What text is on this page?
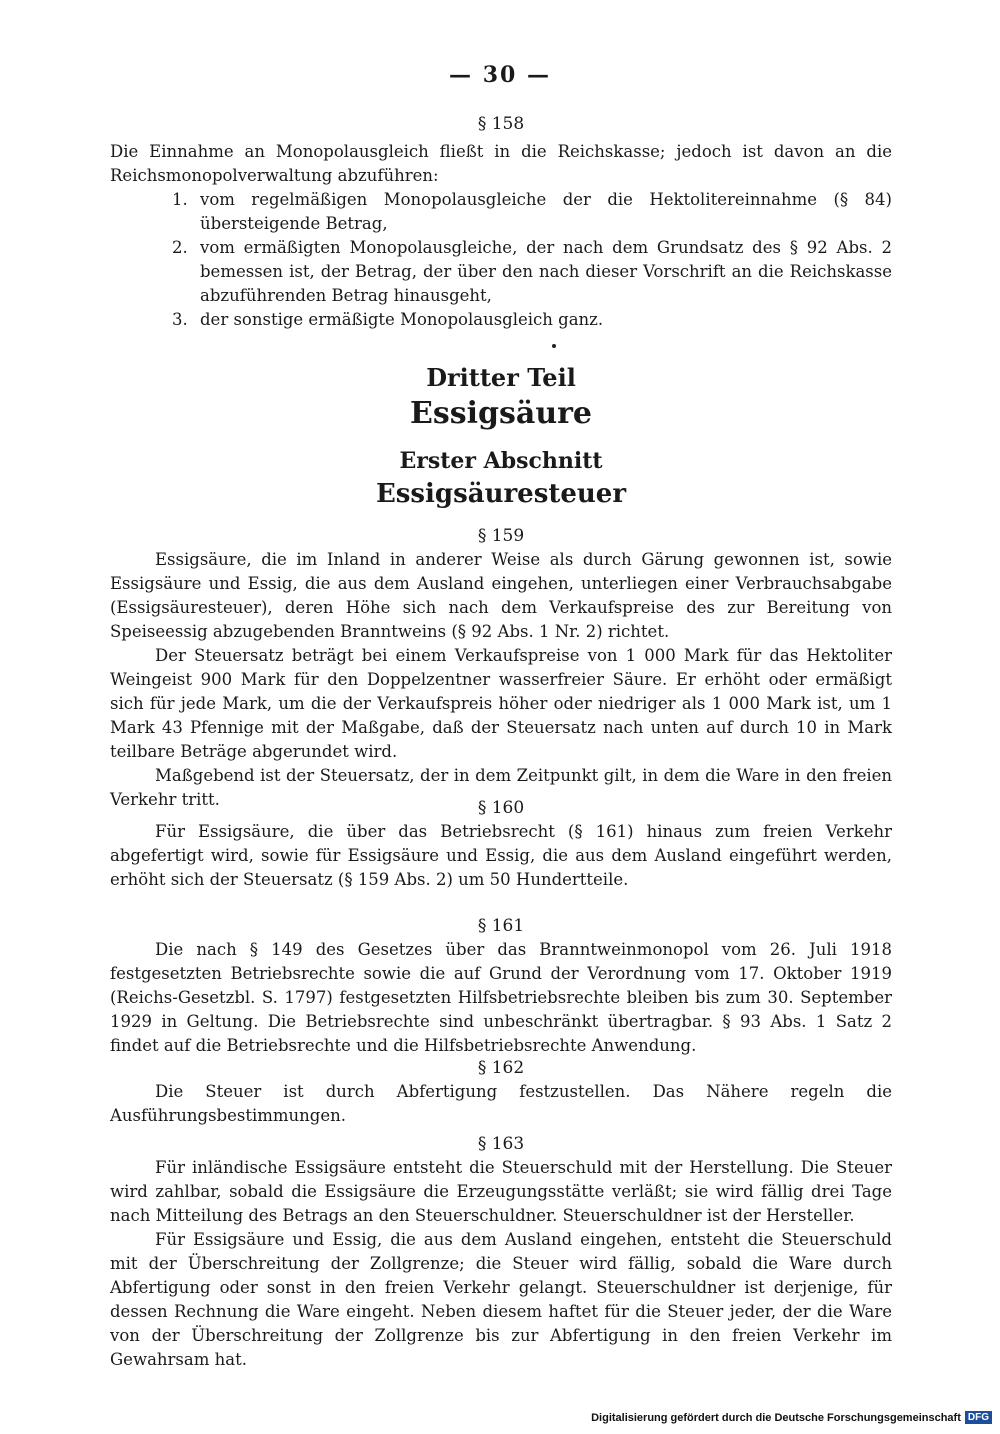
— 30 —

§ 158

Die Einnahme an Monopolausgleich fließt in die Reichskasse; jedoch ist davon an die Reichsmonopolverwaltung abzuführen:

1. vom regelmäßigen Monopolausgleiche der die Hektolitereinnahme (§ 84) übersteigende Betrag,
2. vom ermäßigten Monopolausgleiche, der nach dem Grundsatz des § 92 Abs. 2 bemessen ist, der Betrag, der über den nach dieser Vorschrift an die Reichskasse abzuführenden Betrag hinausgeht,
3. der sonstige ermäßigte Monopolausgleich ganz.

Dritter Teil

Essigsäure

Erster Abschnitt

Essigsäuresteuer

§ 159

Essigsäure, die im Inland in anderer Weise als durch Gärung gewonnen ist, sowie Essigsäure und Essig, die aus dem Ausland eingehen, unterliegen einer Verbrauchsabgabe (Essigsäuresteuer), deren Höhe sich nach dem Verkaufspreise des zur Bereitung von Speiseessig abzugebenden Branntweins (§ 92 Abs. 1 Nr. 2) richtet.

Der Steuersatz beträgt bei einem Verkaufspreise von 1 000 Mark für das Hektoliter Weingeist 900 Mark für den Doppelzentner wasserfreier Säure. Er erhöht oder ermäßigt sich für jede Mark, um die der Verkaufspreis höher oder niedriger als 1 000 Mark ist, um 1 Mark 43 Pfennige mit der Maßgabe, daß der Steuersatz nach unten auf durch 10 in Mark teilbare Beträge abgerundet wird.

Maßgebend ist der Steuersatz, der in dem Zeitpunkt gilt, in dem die Ware in den freien Verkehr tritt.	§ 160

Für Essigsäure, die über das Betriebsrecht (§ 161) hinaus zum freien Verkehr abgefertigt wird, sowie für Essigsäure und Essig, die aus dem Ausland eingeführt werden, erhöht sich der Steuersatz (§ 159 Abs. 2) um 50 Hundertteile.

§ 161

Die nach § 149 des Gesetzes über das Branntweinmonopol vom 26. Juli 1918 festgesetzten Betriebsrechte sowie die auf Grund der Verordnung vom 17. Oktober 1919 (Reichs-Gesetzbl. S. 1797) festgesetzten Hilfsbetriebsrechte bleiben bis zum 30. September 1929 in Geltung. Die Betriebsrechte sind unbeschränkt übertragbar. § 93 Abs. 1 Satz 2 findet auf die Betriebsrechte und die Hilfsbetriebsrechte Anwendung.

§ 162

Die Steuer ist durch Abfertigung festzustellen. Das Nähere regeln die Ausführungsbestimmungen.

§ 163

Für inländische Essigsäure entsteht die Steuerschuld mit der Herstellung. Die Steuer wird zahlbar, sobald die Essigsäure die Erzeugungsstätte verläßt; sie wird fällig drei Tage nach Mitteilung des Betrags an den Steuerschuldner. Steuerschuldner ist der Hersteller.

Für Essigsäure und Essig, die aus dem Ausland eingehen, entsteht die Steuerschuld mit der Überschreitung der Zollgrenze; die Steuer wird fällig, sobald die Ware durch Abfertigung oder sonst in den freien Verkehr gelangt. Steuerschuldner ist derjenige, für dessen Rechnung die Ware eingeht. Neben diesem haftet für die Steuer jeder, der die Ware von der Überschreitung der Zollgrenze bis zur Abfertigung in den freien Verkehr im Gewahrsam hat.

Digitalisierung gefördert durch die Deutsche Forschungsgemeinschaft DFG
